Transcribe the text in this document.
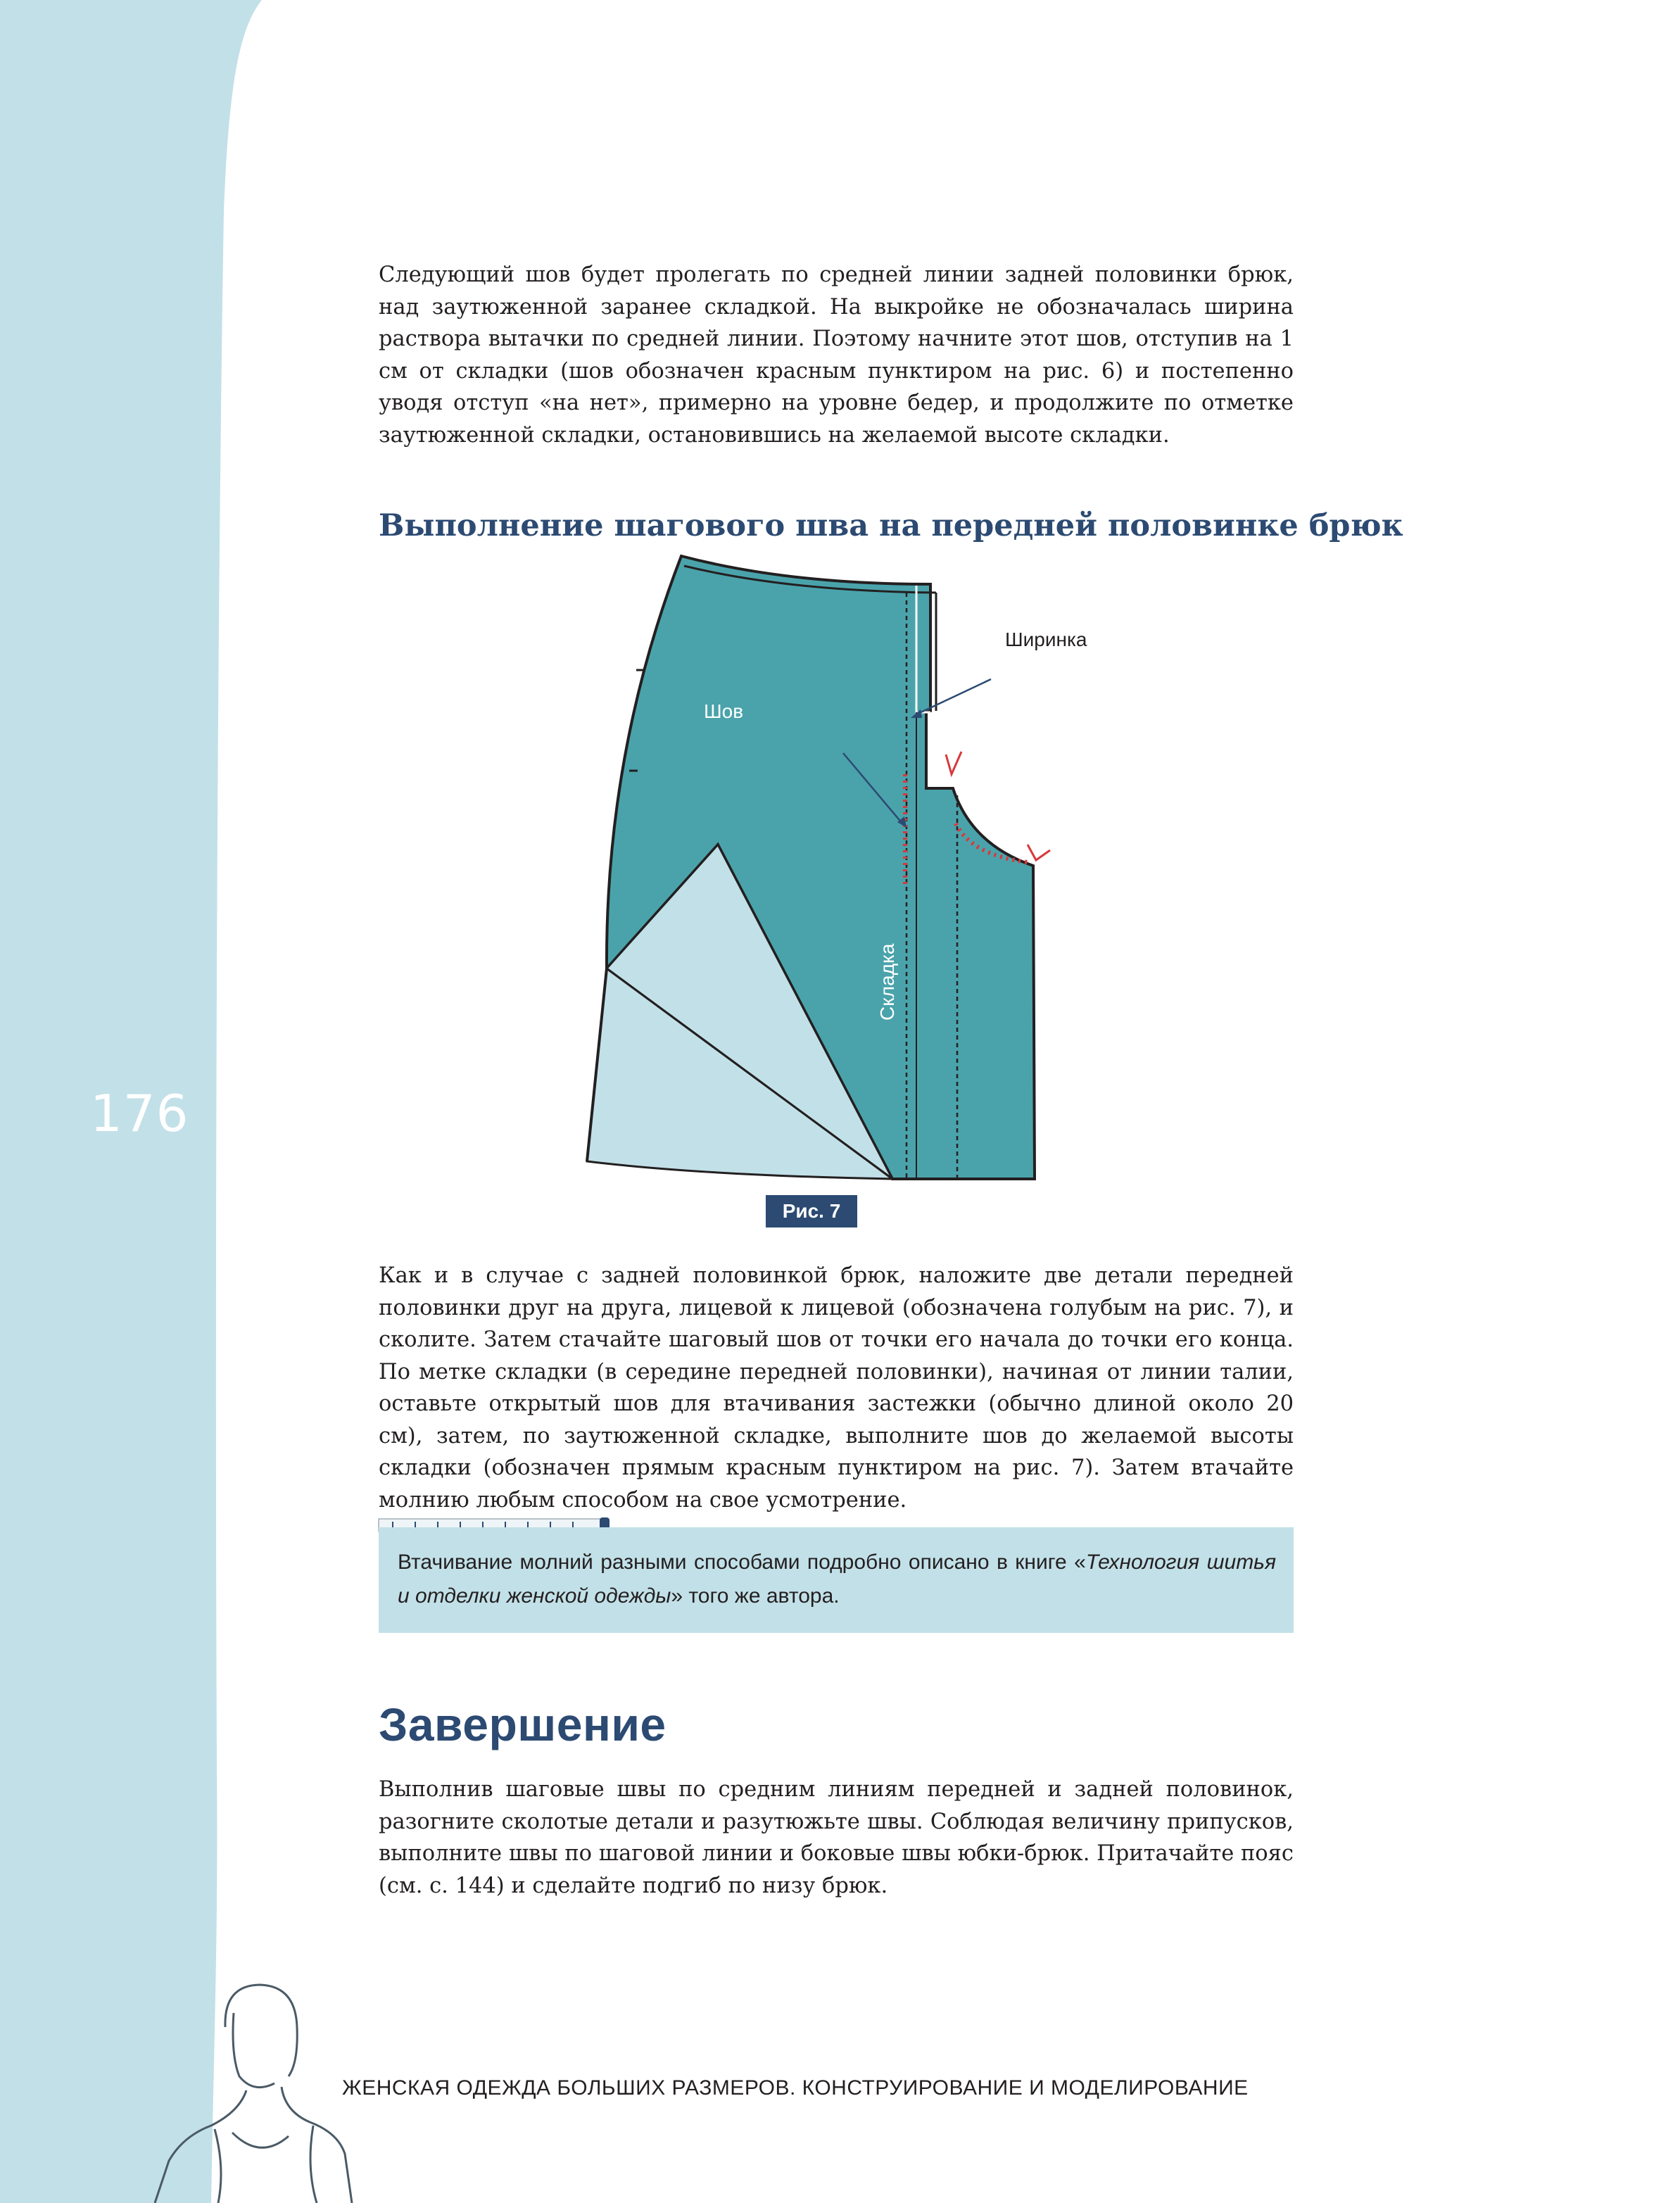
176

Следующий шов будет пролегать по средней линии задней половинки брюк, над заутюженной заранее складкой. На выкройке не обозначалась ширина раствора вытачки по средней линии. Поэтому начните этот шов, отступив на 1 см от складки (шов обозначен красным пунктиром на рис. 6) и постепенно уводя отступ «на нет», примерно на уровне бедер, и продолжите по отметке заутюженной складки, остановившись на желаемой высоте складки.

Выполнение шагового шва на передней половинке брюк
Ширинка
Шов
Складка
Рис. 7

Как и в случае с задней половинкой брюк, наложите две детали передней половинки друг на друга, лицевой к лицевой (обозначена голубым на рис. 7), и сколите. Затем стачайте шаговый шов от точки его начала до точки его конца. По метке складки (в середине передней половинки), начиная от линии талии, оставьте открытый шов для втачивания застежки (обычно длиной около 20 см), затем, по заутюженной складке, выполните шов до желаемой высоты складки (обозначен прямым красным пунктиром на рис. 7). Затем втачайте молнию любым способом на свое усмотрение.

Втачивание молний разными способами подробно описано в книге «Технология шитья и отделки женской одежды» того же автора.

Завершение

Выполнив шаговые швы по средним линиям передней и задней половинок, разогните сколотые детали и разутюжьте швы. Соблюдая величину припусков, выполните швы по шаговой линии и боковые швы юбки-брюк. Притачайте пояс (см. с. 144) и сделайте подгиб по низу брюк.

ЖЕНСКАЯ ОДЕЖДА БОЛЬШИХ РАЗМЕРОВ. КОНСТРУИРОВАНИЕ И МОДЕЛИРОВАНИЕ
